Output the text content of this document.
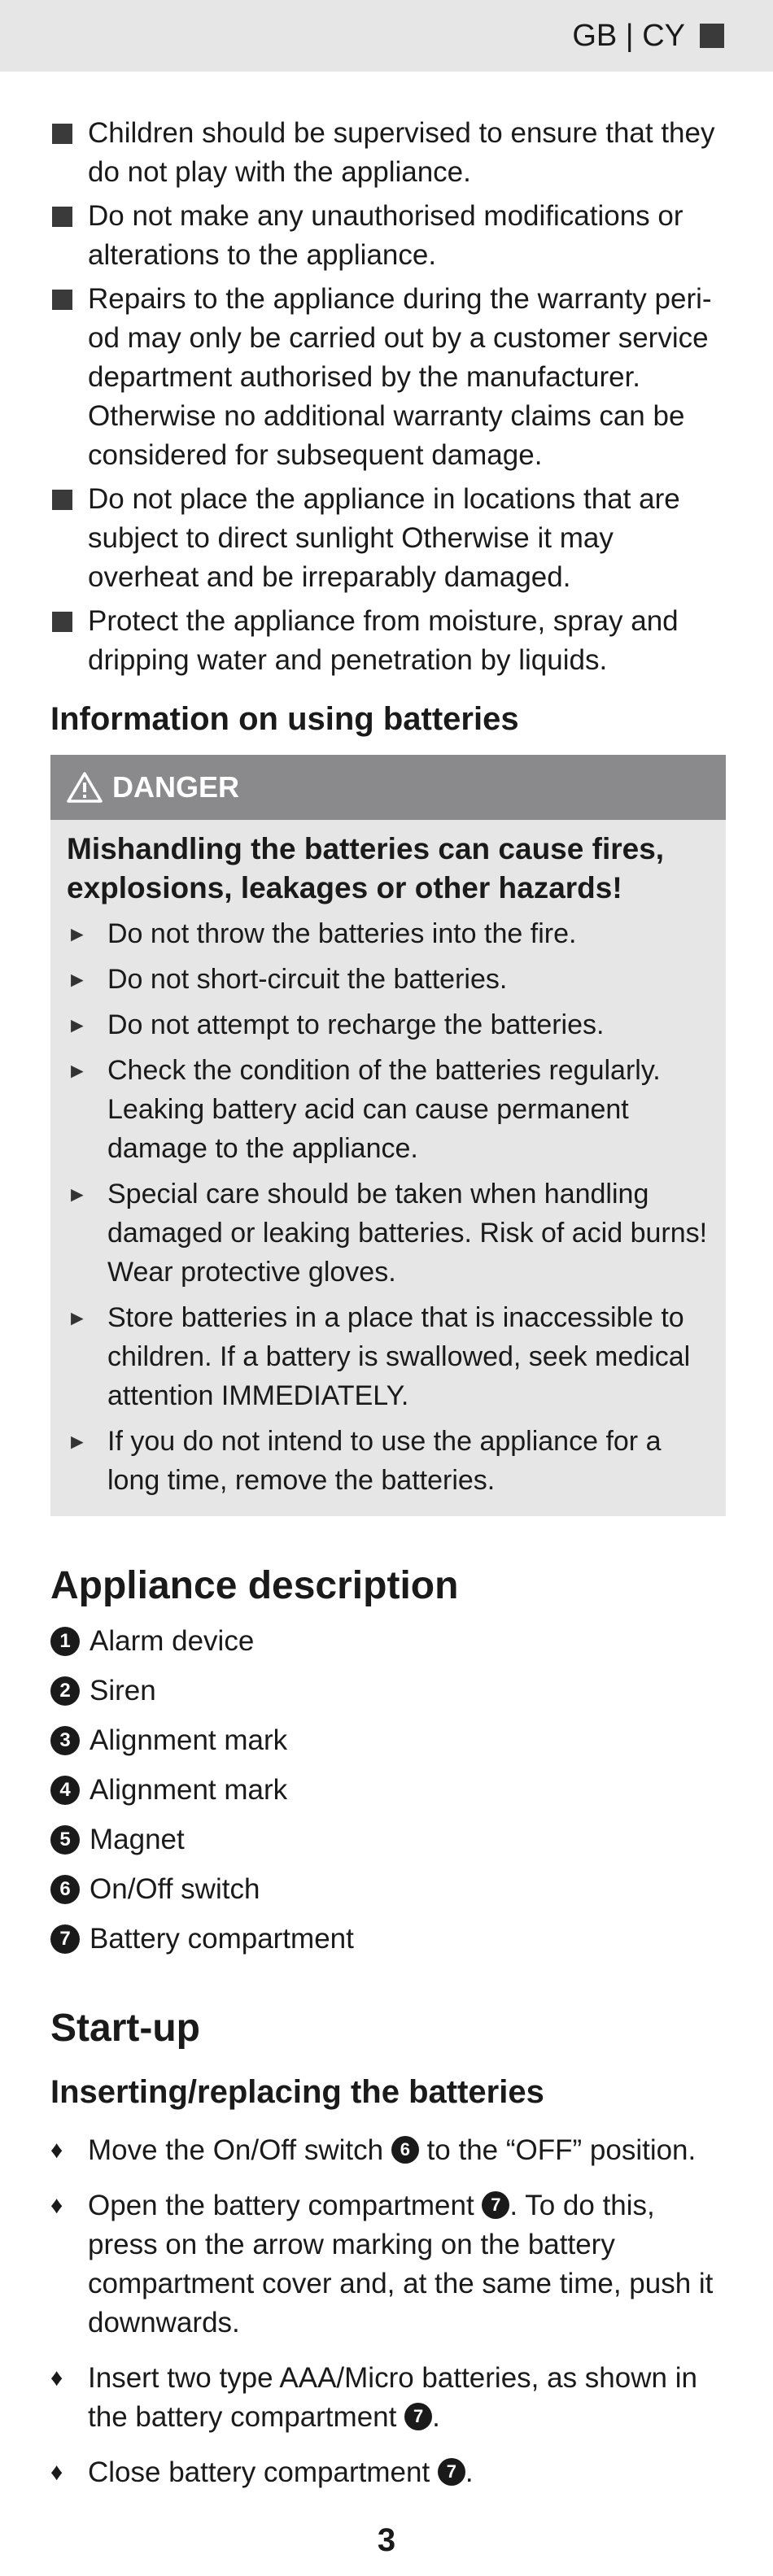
GB | CY
Children should be supervised to ensure that they do not play with the appliance.
Do not make any unauthorised modifications or alterations to the appliance.
Repairs to the appliance during the warranty peri-od may only be carried out by a customer service department authorised by the manufacturer. Otherwise no additional warranty claims can be considered for subsequent damage.
Do not place the appliance in locations that are subject to direct sunlight Otherwise it may overheat and be irreparably damaged.
Protect the appliance from moisture, spray and dripping water and penetration by liquids.
Information on using batteries
DANGER
Mishandling the batteries can cause fires, explosions, leakages or other hazards!
► Do not throw the batteries into the fire.
► Do not short-circuit the batteries.
► Do not attempt to recharge the batteries.
► Check the condition of the batteries regularly. Leaking battery acid can cause permanent damage to the appliance.
► Special care should be taken when handling damaged or leaking batteries. Risk of acid burns! Wear protective gloves.
► Store batteries in a place that is inaccessible to children. If a battery is swallowed, seek medical attention IMMEDIATELY.
► If you do not intend to use the appliance for a long time, remove the batteries.
Appliance description
1 Alarm device
2 Siren
3 Alignment mark
4 Alignment mark
5 Magnet
6 On/Off switch
7 Battery compartment
Start-up
Inserting/replacing the batteries
♦ Move the On/Off switch 6 to the “OFF” position.
♦ Open the battery compartment 7 . To do this, press on the arrow marking on the battery compartment cover and, at the same time, push it downwards.
♦ Insert two type AAA/Micro batteries, as shown in the battery compartment 7 .
♦ Close battery compartment 7 .
3
